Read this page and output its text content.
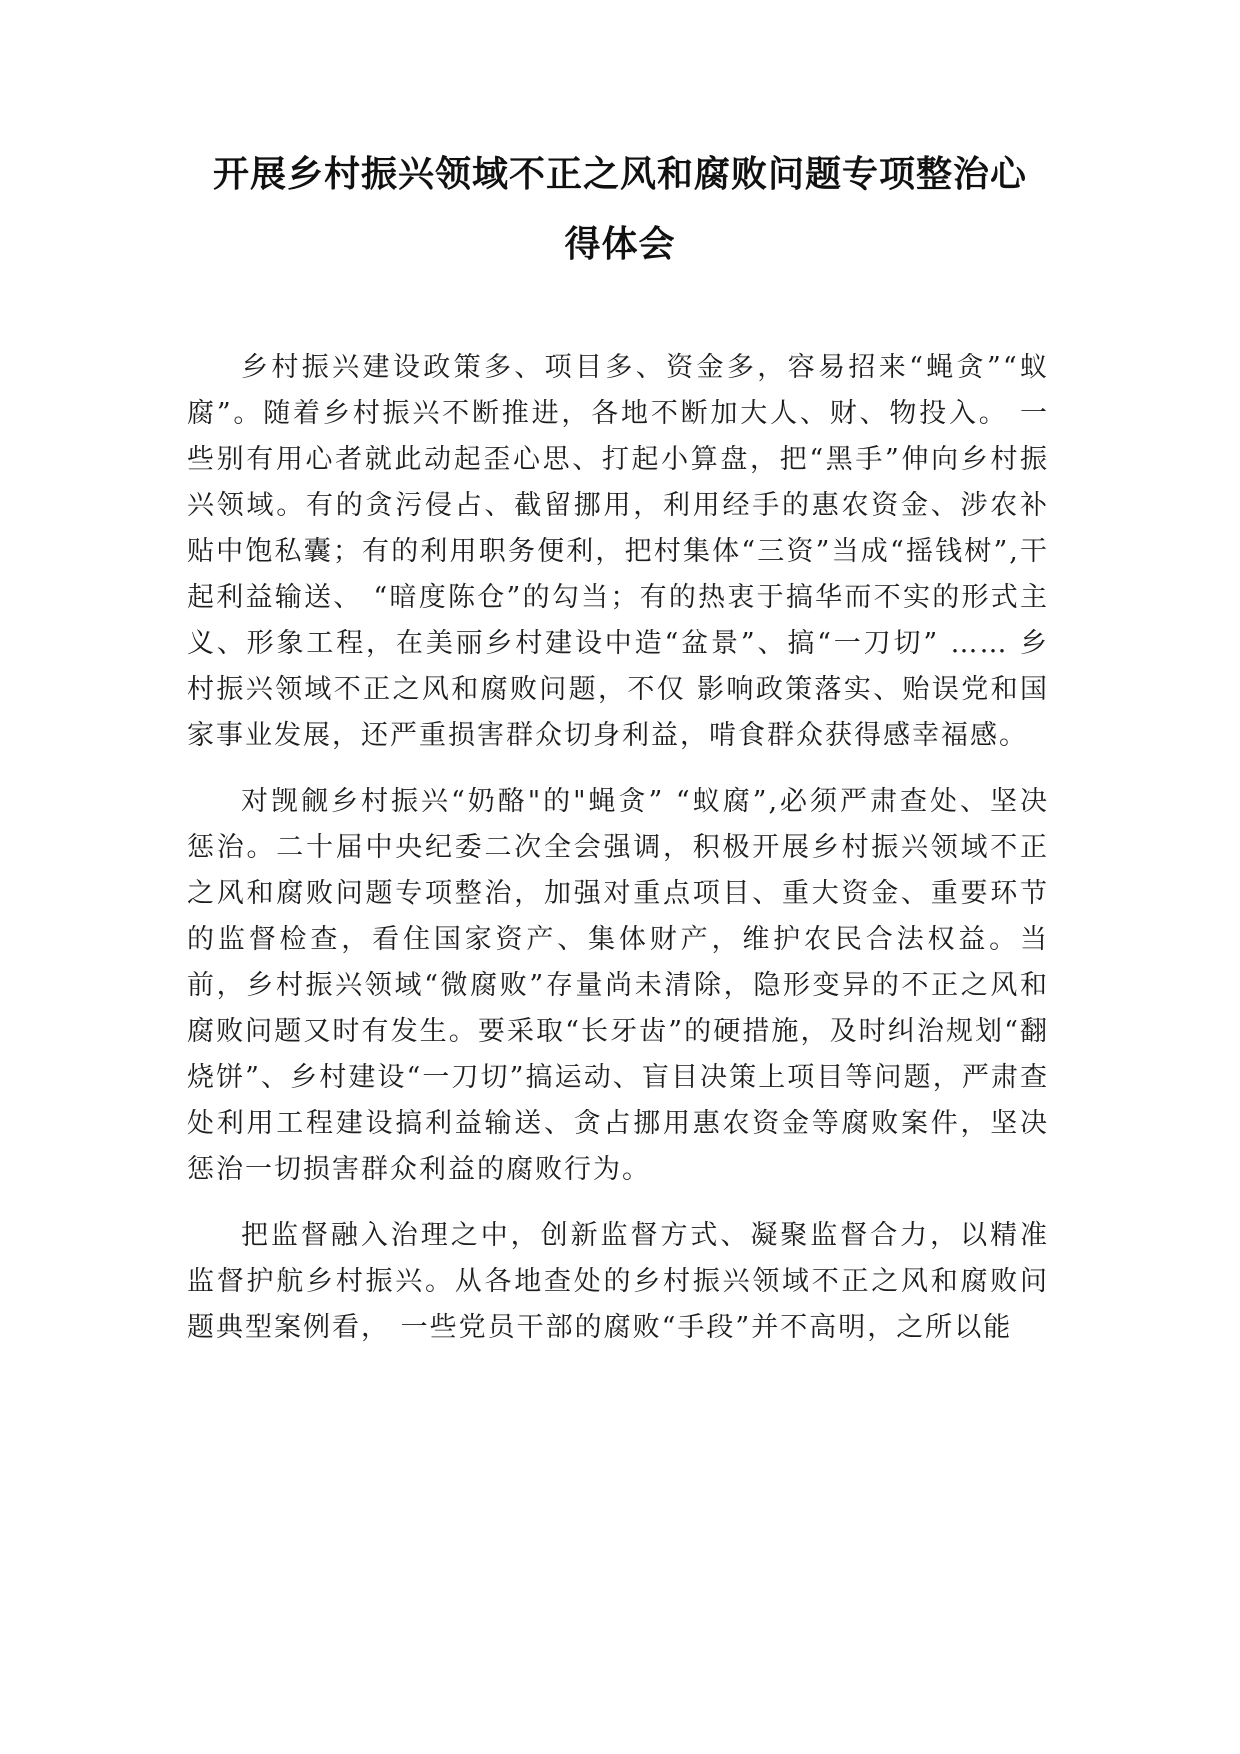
开展乡村振兴领域不正之风和腐败问题专项整治心得体会

乡村振兴建设政策多、项目多、资金多，容易招来“蝇贪”“蚁腐”。随着乡村振兴不断推进，各地不断加大人、财、物投入。 一些别有用心者就此动起歪心思、打起小算盘，把“黑手”伸向乡村振兴领域。有的贪污侵占、截留挪用，利用经手的惠农资金、涉农补贴中饱私囊；有的利用职务便利，把村集体“三资”当成“摇钱树”,干起利益输送、 “暗度陈仓”的勾当；有的热衷于搞华而不实的形式主义、形象工程，在美丽乡村建设中造“盆景”、搞“一刀切” …… 乡村振兴领域不正之风和腐败问题，不仅 影响政策落实、贻误党和国家事业发展，还严重损害群众切身利益，啃食群众获得感幸福感。

对觊觎乡村振兴“奶酪"的"蝇贪” “蚁腐”,必须严肃查处、坚决惩治。二十届中央纪委二次全会强调，积极开展乡村振兴领域不正之风和腐败问题专项整治，加强对重点项目、重大资金、重要环节的监督检查，看住国家资产、集体财产，维护农民合法权益。当前，乡村振兴领域“微腐败”存量尚未清除，隐形变异的不正之风和腐败问题又时有发生。要采取“长牙齿”的硬措施，及时纠治规划“翻烧饼”、乡村建设“一刀切”搞运动、盲目决策上项目等问题，严肃查处利用工程建设搞利益输送、贪占挪用惠农资金等腐败案件，坚决惩治一切损害群众利益的腐败行为。

把监督融入治理之中，创新监督方式、凝聚监督合力，以精准监督护航乡村振兴。从各地查处的乡村振兴领域不正之风和腐败问题典型案例看， 一些党员干部的腐败“手段”并不高明，之所以能
